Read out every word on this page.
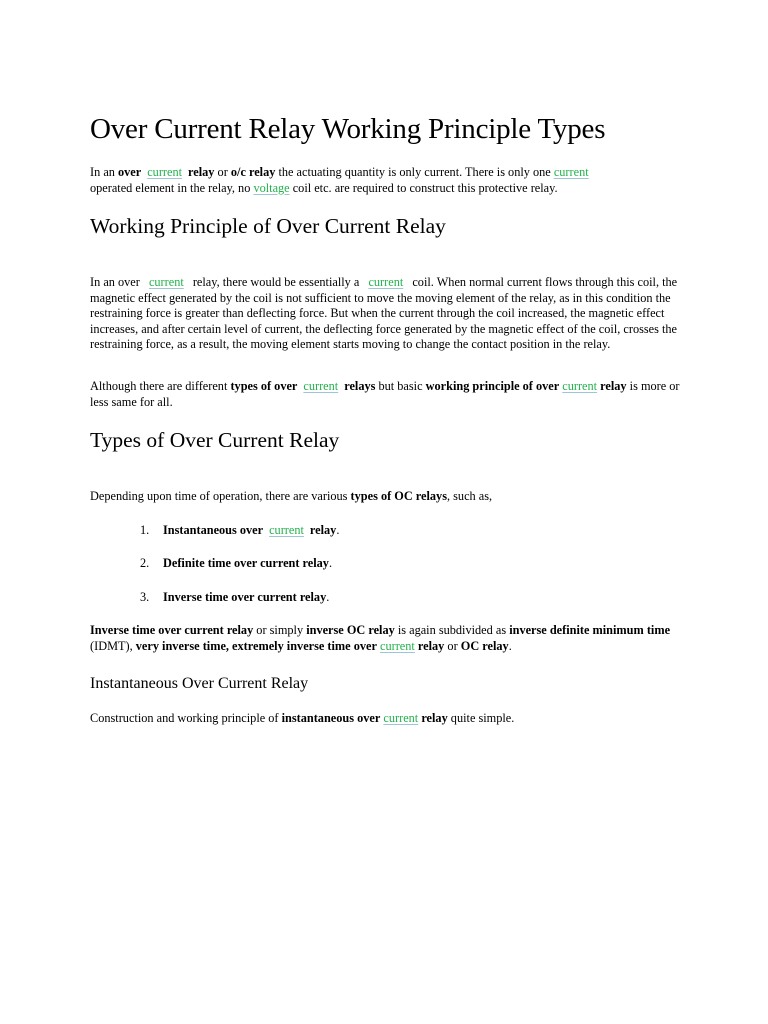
Over Current Relay Working Principle Types

In an over current relay or o/c relay the actuating quantity is only current. There is only one current
operated element in the relay, no voltage coil etc. are required to construct this protective relay.

Working Principle of Over Current Relay

In an over current relay, there would be essentially a current coil. When normal current flows through this coil, the magnetic effect generated by the coil is not sufficient to move the moving element of the relay, as in this condition the restraining force is greater than deflecting force. But when the current through the coil increased, the magnetic effect increases, and after certain level of current, the deflecting force generated by the magnetic effect of the coil, crosses the restraining force, as a result, the moving element starts moving to change the contact position in the relay.

Although there are different types of over current relays but basic working principle of over current relay is more or less same for all.

Types of Over Current Relay

Depending upon time of operation, there are various types of OC relays, such as,

1. Instantaneous over current relay.
2. Definite time over current relay.
3. Inverse time over current relay.

Inverse time over current relay or simply inverse OC relay is again subdivided as inverse definite minimum time (IDMT), very inverse time, extremely inverse time over current relay or OC relay.

Instantaneous Over Current Relay

Construction and working principle of instantaneous over current relay quite simple.
